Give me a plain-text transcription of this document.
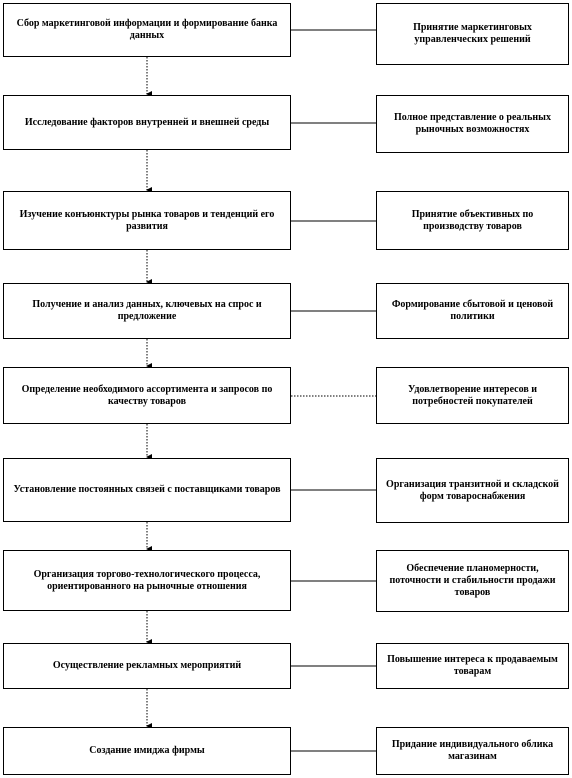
Сбор маркетинговой информации и формирование банка данных
Принятие маркетинговых управленческих решений
Исследование факторов внутренней и внешней среды	Полное представление о реальных рыночных возможностях
Изучение конъюнктуры рынка товаров и тенденций его развития
Принятие объективных по производству товаров
Получение и анализ данных, ключевых на спрос и предложение
Формирование сбытовой и ценовой политики
Определение необходимого ассортимента и запросов по качеству товаров
Удовлетворение интересов и потребностей покупателей
Установление постоянных связей с поставщиками товаров	Организация транзитной и складской форм товароснабжения
Организация торгово-технологического процесса, ориентированного на рыночные отношения
Обеспечение планомерности, поточности и стабильности продажи товаров
Осуществление рекламных мероприятий
Повышение интереса к продаваемым товарам
Создание имиджа фирмы
Придание индивидуального облика магазинам
